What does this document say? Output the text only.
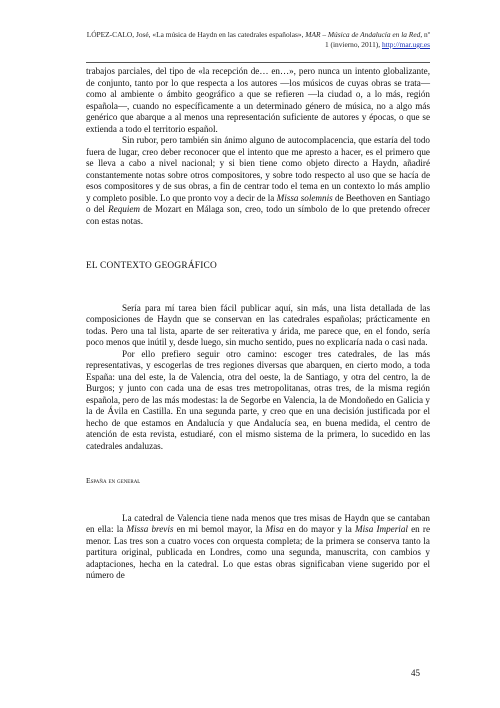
LÓPEZ-CALO, José, «La música de Haydn en las catedrales españolas», MAR – Música de Andalucía en la Red, nº 1 (invierno, 2011), http://mar.ugr.es

trabajos parciales, del tipo de «la recepción de… en…», pero nunca un intento globalizante, de conjunto, tanto por lo que respecta a los autores —los músicos de cuyas obras se trata— como al ambiente o ámbito geográfico a que se refieren —la ciudad o, a lo más, región española—, cuando no específicamente a un determinado género de música, no a algo más genérico que abarque a al menos una representación suficiente de autores y épocas, o que se extienda a todo el territorio español.

Sin rubor, pero también sin ánimo alguno de autocomplacencia, que estaría del todo fuera de lugar, creo deber reconocer que el intento que me apresto a hacer, es el primero que se lleva a cabo a nivel nacional; y si bien tiene como objeto directo a Haydn, añadiré constantemente notas sobre otros compositores, y sobre todo respecto al uso que se hacía de esos compositores y de sus obras, a fin de centrar todo el tema en un contexto lo más amplio y completo posible. Lo que pronto voy a decir de la Missa solemnis de Beethoven en Santiago o del Requiem de Mozart en Málaga son, creo, todo un símbolo de lo que pretendo ofrecer con estas notas.

EL CONTEXTO GEOGRÁFICO

Sería para mí tarea bien fácil publicar aquí, sin más, una lista detallada de las composiciones de Haydn que se conservan en las catedrales españolas; prácticamente en todas. Pero una tal lista, aparte de ser reiterativa y árida, me parece que, en el fondo, sería poco menos que inútil y, desde luego, sin mucho sentido, pues no explicaría nada o casi nada.

Por ello prefiero seguir otro camino: escoger tres catedrales, de las más representativas, y escogerlas de tres regiones diversas que abarquen, en cierto modo, a toda España: una del este, la de Valencia, otra del oeste, la de Santiago, y otra del centro, la de Burgos; y junto con cada una de esas tres metropolitanas, otras tres, de la misma región española, pero de las más modestas: la de Segorbe en Valencia, la de Mondoñedo en Galicia y la de Ávila en Castilla. En una segunda parte, y creo que en una decisión justificada por el hecho de que estamos en Andalucía y que Andalucía sea, en buena medida, el centro de atención de esta revista, estudiaré, con el mismo sistema de la primera, lo sucedido en las catedrales andaluzas.

España en general

La catedral de Valencia tiene nada menos que tres misas de Haydn que se cantaban en ella: la Missa brevis en mi bemol mayor, la Misa en do mayor y la Misa Imperial en re menor. Las tres son a cuatro voces con orquesta completa; de la primera se conserva tanto la partitura original, publicada en Londres, como una segunda, manuscrita, con cambios y adaptaciones, hecha en la catedral. Lo que estas obras significaban viene sugerido por el número de

45
